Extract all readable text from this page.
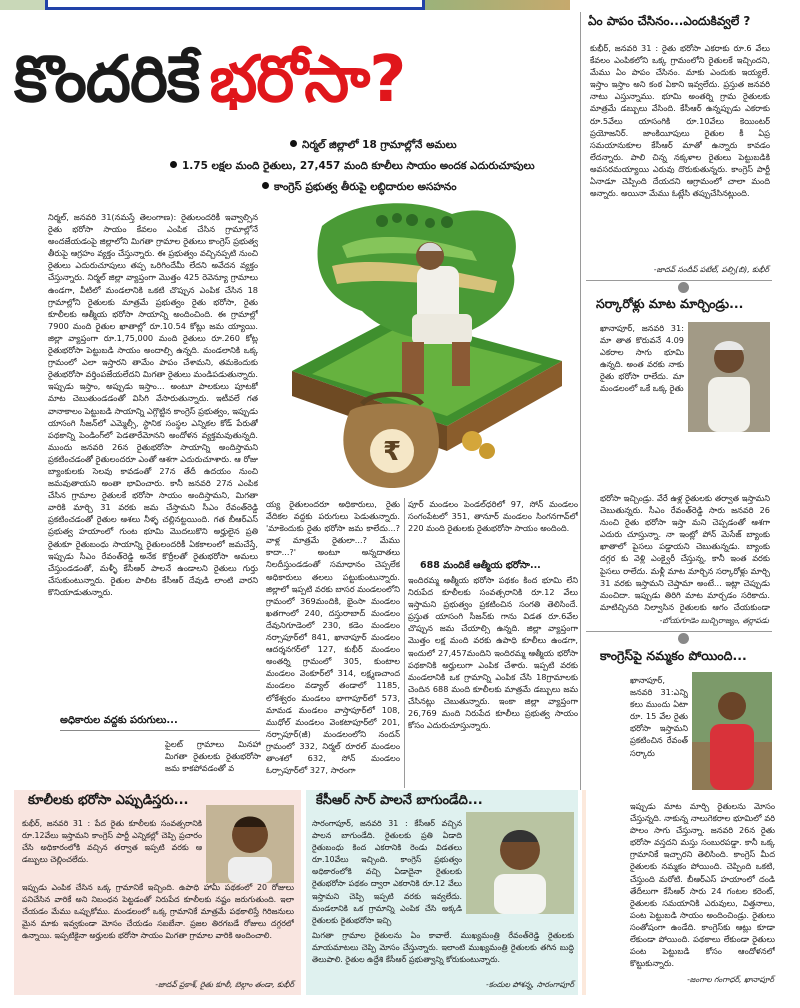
కొందరికే భరోసా?
నిర్మల్ జిల్లాలో 18 గ్రామాల్లోనే అమలు
1.75 లక్షల మంది రైతులు, 27,457 మంది కూలీలు సాయం అందక ఎదురుచూపులు
కాంగ్రెస్ ప్రభుత్వ తీరుపై లబ్ధిదారుల అసహనం
నిర్మల్, జనవరి 31(నమస్తే తెలంగాణ): రైతులందరికీ ఇవ్వాల్సిన రైతు భరోసా సాయం కేవలం ఎంపిక చేసిన గ్రామాల్లోనే అందజేయడంపై జిల్లాలోని మిగతా గ్రామాల రైతులు కాంగ్రెస్ ప్రభుత్వ తీరుపై ఆగ్రహం వ్యక్తం చేస్తున్నారు. ఈ ప్రభుత్వం వచ్చినప్పటి నుంచి రైతులు ఎదురుచూపులు తప్ప ఒరిగిందేమీ లేదని అవేదన వ్యక్తం చేస్తున్నారు. నిర్మల్ జిల్లా వ్యాప్తంగా మొత్తం 425 రెవెన్యూ గ్రామాలు ఉండగా, వీటిలో మండలానికి ఒకటి చొప్పున ఎంపిక చేసిన 18 గ్రామాల్లోని రైతులకు మాత్రమే ప్రభుత్వం రైతు భరోసా, రైతు కూలీలకు ఆత్మీయ భరోసా సాయాన్ని అందించింది. ఈ గ్రామాల్లో 7900 మంది రైతుల ఖాతాల్లో రూ.10.54 కోట్లు జమ య్యాయి. జిల్లా వ్యాప్తంగా రూ.1,75,000 మంది రైతులు రూ.260 కోట్ల రైతుభరోసా పెట్టుబడి సాయం అందాల్సి ఉన్నది. మండలానికి ఒక్క గ్రామంలో ఎలా ఇస్తారని తామేం పాపం చేశామని, తమకెందుకు రైతుభరోసా వర్తింపజేయలేదని మిగతా రైతులు మండిపడుతున్నారు. ఇప్పుడు ఇస్తాం, అప్పుడు ఇస్తాం... అంటూ పాలకులు పూటకో మాట చెబుతుండడంతో విసిగి వేసారుతున్నారు. ఇటీవలే గత వానాకాలం పెట్టుబడి సాయాన్ని ఎగ్గొట్టిన కాంగ్రెస్ ప్రభుత్వం, ఇప్పుడు యాసంగి సీజన్‌లో ఎమ్మెల్సీ, స్థానిక సంస్థల ఎన్నికల కోడ్ పేరుతో పథకాన్ని పెండింగ్‌లో పెడతారేమోనని అందోళన వ్యక్తమవుతున్నది. ముందు జనవరి 26న రైతుభరోసా సాయాన్ని అందిస్తామని ప్రకటించడంతో రైతులందరూ ఎంతో ఆశగా ఎదురుచూశారు. ఆ రోజు బ్యాంకులకు సెలవు కావడంతో 27న తేదీ ఉదయం నుంచి జమవుతాయని అంతా భావించారు. కానీ జనవరి 27న ఎంపిక చేసిన గ్రామాల రైతులకే భరోసా సాయం అందిస్తామని, మిగతా వారికి మార్చి 31 వరకు జమ చేస్తామని సీఎం రేవంత్‌రెడ్డి ప్రకటించడంతో రైతుల ఆశలు నీళ్ళ చల్లినట్టయింది. గత బీఆర్ఎస్ ప్రభుత్వ హయాంలో గుంట భూమి మొదలుకొని అర్హులైన ప్రతి రైతుకూ రైతుబంధు సాయాన్ని రైతులందరికీ ఏకకాలంలో జమచేస్తే, ఇప్పుడు సీఎం రేవంత్‌రెడ్డి అనేక కొర్రీలతో రైతుభరోసా అమలు చేస్తుండడంతో, మళ్ళీ కేసీఆర్ పాలనే ఉండాలని రైతులు గుర్తు చేసుకుంటున్నారు. రైతుల పాలిట కేసీఆర్ దేవుడి లాంటి వారని కొనియాడుతున్నారు.
అధికారుల వద్దకు పరుగులు...
పైలట్ గ్రామాలు మినహా మిగతా రైతులకు రైతుభరోసా జమ కాకపోవడంతో వ
₹
య్య రైతులందరూ అధికారులు, రైతు వేదికల వద్దకు పరుగులు పెడుతున్నారు. 'మాకెందుకు రైతు భరోసా జమ కాలేదు...? వాళ్ల మాత్రమే రైతులా...? మేము కాదా...?' అంటూ అన్నదాతలు నిలదీస్తుండడంతో సమాధానం చెప్పలేక అధికారులు తలలు పట్టుకుంటున్నారు. జిల్లాలో ఇప్పటి వరకు బాసర మండలంలోని గ్రామంలో 369మందికి, భైంసా మండలం ఖతగాంలో 240, దస్తురాబాద్ మండలం దేవునిగూడెంలో 230, కడెం మండలం నర్సాపూర్‌లో 841, ఖానాపూర్ మండలం ఆదర్శనగర్‌లో 127, కుభీర్ మండలం అంతర్ని గ్రామంలో 305, కుంటాల మండలం వెంకూర్‌లో 314, లక్ష్మణచాంద మండలం వడ్యాల్ తండాలో 1185, లోకేశ్వరం మండలం భాగాపూర్‌లో 573, మామడ మండలం వాస్తాపూర్‌లో 108, ముధోల్ మండలం వెంకటాపూర్‌లో 201, నర్సాపూర్(జీ) మండలంలోని నందన్ గ్రామంలో 332, నిర్మల్ రూరల్ మండలం తాంశలో 632, సోన్ మండలం ఓర్సాపూర్‌లో 327, సారంగా
పూర్ మండలం పెండల్‌ధరిలో 97, సోన్ మండలం సంగంపేటలో 351, తానూర్ మండలం సింగనగావ్‌లో 220 మంది రైతులకు రైతుభరోసా సాయం అందింది.
688 మందికే ఆత్మీయ భరోసా...
ఇందిరమ్మ ఆత్మీయ భరోసా పథకం కింద భూమి లేని నిరుపేద కూలీలకు సంవత్సరానికి రూ.12 వేలు ఇస్తామని ప్రభుత్వం ప్రకటించిన సంగతి తెలిసిందే. ప్రస్తుత యాసంగి సీజన్‌కు గాను విడత రూ.6వేల చొప్పున జమ చేయాల్సి ఉన్నది. జిల్లా వ్యాప్తంగా మొత్తం లక్ష మంది వరకు ఉపాధి కూలీలు ఉండగా, ఇందులో 27,457మందిని ఇందిరమ్మ ఆత్మీయ భరోసా పథకానికి అర్హులుగా ఎంపిక చేశారు. ఇప్పటి వరకు మండలానికి ఒక గ్రామాన్ని ఎంపిక చేసి 18గ్రామాలకు చెందిన 688 మంది కూలీలకు మాత్రమే డబ్బులు జమ చేసినట్లు చెబుతున్నారు. ఇంకా జిల్లా వ్యాప్తంగా 26,769 మంది నిరుపేద కూలీలు ప్రభుత్వ సాయం కోసం ఎదురుచూస్తున్నారు.
ఏం పాపం చేసినం...ఎందుకివ్వలే ?
కుభీర్, జనవరి 31 : రైతు భరోసా ఎకరాకు రూ.6 వేలు కేవలం ఎంపికలోని ఒక్క గ్రామంలోని రైతులకే ఇచ్చిందని, మేము ఏం పాపం చేసినం. మాకు ఎందుకు ఇయ్యలే. ఇస్తాం ఇస్తాం అని కంఠ ఏకాని ఇవ్వలేదు. ప్రస్తుత జనవరి నాటు ఎస్తున్నాము. భూమి అంతర్ని గ్రామ రైతులకు మాత్రమే డబ్బులు వేసింది. కేసీఆర్ ఉన్నప్పుడు ఎకరాకు రూ.5వేలు యాసంగికి రూ.10వేలు కెయింటర్ ప్రయోజనిర్. జాంకియీపులు రైతుల కీ ఏప్ర సమయానుకూల కేసీఆర్ మాతో ఉన్నారు కావడం లేదన్నారు. పాలి చిన్న నక్కళాల రైతులు పెట్టుబడికి అవసరమయ్యాయి ఎరువు దొరుకుతున్నరు. కాంగ్రెస్ పార్టీ ఏనాడూ చెప్పింది దేయదని ఆగ్రామంలో చాలా మంది అన్నారు. అయినా మేము ఓట్లేసి తప్పుచేసినట్లుంది.
-జాదవ్ సందీప్ పటేల్, పల్సి(బి), కుభీర్
సర్కారోళ్లు మాట మార్చిండ్రు...
ఖానాపూర్, జనవరి 31: మా తాత కొరువనే 4.09 ఎకరాల సాగు భూమి ఉన్నది. అంత వరకు నాకు రైతు భరోసా రాలేదు. మా మండలంలో ఒకే ఒక్క రైతు
భరోసా ఇచ్చిండ్రు. వేరే ఉళ్ల రైతులకు తర్వాత ఇస్తామని చెబుతున్నరు. సీఎం రేవంత్‌రెడ్డి సారు జనవరి 26 నుంచి రైతు భరోసా ఇస్తా మని చెప్పడంతో ఆశగా ఎదురు చూస్తున్నా. నా ఇంట్లో పోన్ మెసేజ్ బ్యాంకు ఖాతాలో పైసలు పడ్డాయని చెబుతున్నడు. బ్యాంకు దగ్గర కు వెళ్లి ఎంక్వైరీ చేస్తున్న, కానీ ఇంత వరకు పైసలు రాలేదు. మళ్లీ మాట మార్చిన సర్కారోళ్లు మార్చి 31 వరకు ఇస్తామని చెప్తామా అంటే... ఇట్లా చెప్పుడు మంచిదా. ఇప్పుడు తిరిగి మాట మార్చడం సరికాదు. మాటిచ్చినది నిల్వాసిన రైతులకు ఆగం చేయకుండా
-బోయగూడెం బుచ్చిరాజ్యం, తర్లాపడు
కాంగ్రెస్‌పై నమ్మకం పోయింది...
ఖానాపూర్, జనవరి 31:ఎన్ని కలు ముందు ఏటా రూ. 15 వేల రైతు భరోసా ఇస్తామని ప్రకటించిన రేవంత్ సర్కారు
ఇప్పుడు మాట మార్చి రైతులను మోసం చేస్తున్నది. నాకున్న నాలుగెకరాల భూమిలో వరి పొలం సాగు చేస్తున్నా. జనవరి 26న రైతు భరోసా వస్తదని మస్తు సంబురపడ్డా. కానీ ఒక్క గ్రామానికే ఇచ్చారని తెలిసింది. కాంగ్రెస్ మీద రైతులకు నమ్మకం పోయింది. చెప్పింది ఒకటి, చేస్తుంది మరోటి. బీఆర్ఎస్ హయాంలో దండి తేదీలుగా కేసీఆర్ సారు 24 గంటల కరెంట్, రైతులకు సమయానికి ఎరువులు, విత్తనాలు, పంట పెట్టుబడి సాయం అందించిండ్రు. రైతులు సంతోషంగా ఉండేది. కాంగ్రెస్‌కు ఆట్లు కూడా లేకుండా పోయింది. పథకాలు లేకుండా రైతులు పంట పెట్టుబడి కోసం ఆందోళనలో కొట్టుకున్నారు.
-జంగాల గంగాధర్, ఖానాపూర్
కూలీలకు భరోసా ఎప్పుడిస్తరు...
కుభీర్, జనవరి 31 : పేద రైతు కూలీలకు సంవత్సరానికి రూ.12వేలు ఇస్తామని కాంగ్రెస్ పార్టీ ఎన్నికల్లో చెప్పి ప్రచారం చేసి అధికారంలోకి వచ్చిన తర్వాత ఇప్పటి వరకు ఆ డబ్బులు చెల్లించలేదు.
ఇప్పుడు ఎంపిక చేసిన ఒక్క గ్రామానికే ఇచ్చింది. ఉపాధి హామీ పథకంలో 20 రోజులు పనిచేసిన వారికే అని నిబంధన పెట్టడంతో నిరుపేద కూలీలకు నష్టం జరుగుతుంది. ఇలా చేయడం మేము ఒప్పుకోము. మండలంలో ఒక్క గ్రామానికే మాత్రమే పథకాలిస్తే గిరిజనులు మైన మాకు ఇవ్వకుండా మోసం చేయడం సబబేనా. ప్రజల తిరగబడే రోజులు దగ్గరలో ఉన్నాయి. ఇప్పటికైనా అర్హులకు భరోసా సాయం మిగతా గ్రామాల వారికి అందించాలి.
-జాదవ్ ప్రకాశ్, రైతు కూలీ, బెల్గాం తండా, కుభీర్
కేసీఆర్ సార్ పాలనే బాగుండేది...
సారంగాపూర్, జనవరి 31 : కేసీఆర్ వచ్చిన పాలన బాగుండేది. రైతులకు ప్రతి ఏడాది రైతుబంధు కింద ఎకరానికి రెండు విడతలు రూ.10వేలు ఇచ్చింది. కాంగ్రెస్ ప్రభుత్వం అధికారంలోకి వచ్చి ఏడాదైనా రైతులకు రైతుభరోసా పథకం ద్వారా ఎకరానికి రూ.12 వేలు ఇస్తామని చెప్పి ఇప్పటి వరకు ఇవ్వలేదు. మండలానికి ఒక గ్రామాన్ని ఎంపిక చేసి అక్కడి రైతులకు రైతుభరోసా ఇచ్చి
మిగతా గ్రామాల రైతులను ఏం కావాలే. ముఖ్యమంత్రి రేవంత్‌రెడ్డి రైతులకు మాయమాటలు చెప్పి మోసం చేస్తున్నారు. ఇలాంటి ముఖ్యమంత్రి రైతులకు తగిన బుద్ధి తెలుపాలి. రైతుల ఉద్దేశి కేసీఆర్ ప్రభుత్వాన్ని కోరుకుంటున్నారు.
-కందుల పోశన్న, సారంగాపూర్
